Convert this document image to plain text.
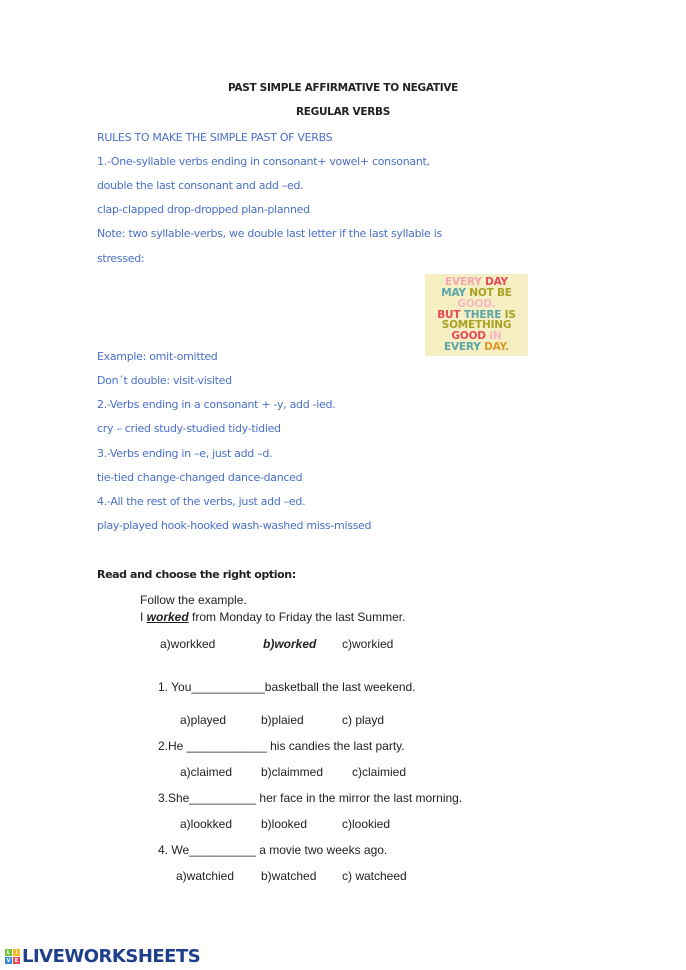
PAST SIMPLE AFFIRMATIVE TO NEGATIVE
REGULAR VERBS
RULES TO MAKE THE SIMPLE PAST OF VERBS
1.-One-syllable verbs ending in consonant+ vowel+ consonant,
double the last consonant and add –ed.
clap-clapped drop-dropped plan-planned
Note: two syllable-verbs, we double last letter if the last syllable is
stressed:
Example: omit-omitted
Don´t double: visit-visited
2.-Verbs ending in a consonant + -y, add -ied.
cry – cried study-studied tidy-tidied
3.-Verbs ending in –e, just add –d.
tie-tied change-changed dance-danced
4.-All the rest of the verbs, just add –ed.
play-played hook-hooked wash-washed miss-missed
EVERY DAY
MAY NOT BE
GOOD.
BUT THERE IS
SOMETHING
GOOD IN
EVERY DAY.
Read and choose the right option:
Follow the example.
I worked from Monday to Friday the last Summer.
a)workked	b)worked c)workied
1. You___________basketball the last weekend.
a)played	b)plaied	c) playd
2.He ____________ his candies the last party.
a)claimed b)claimmed c)claimied
3.She__________ her face in the mirror the last morning.
a)lookked b)looked	c)lookied
4. We__________ a movie two weeks ago.
a)watchied b)watched c) watcheed
L	I
V E LIVEWORKSHEETS
